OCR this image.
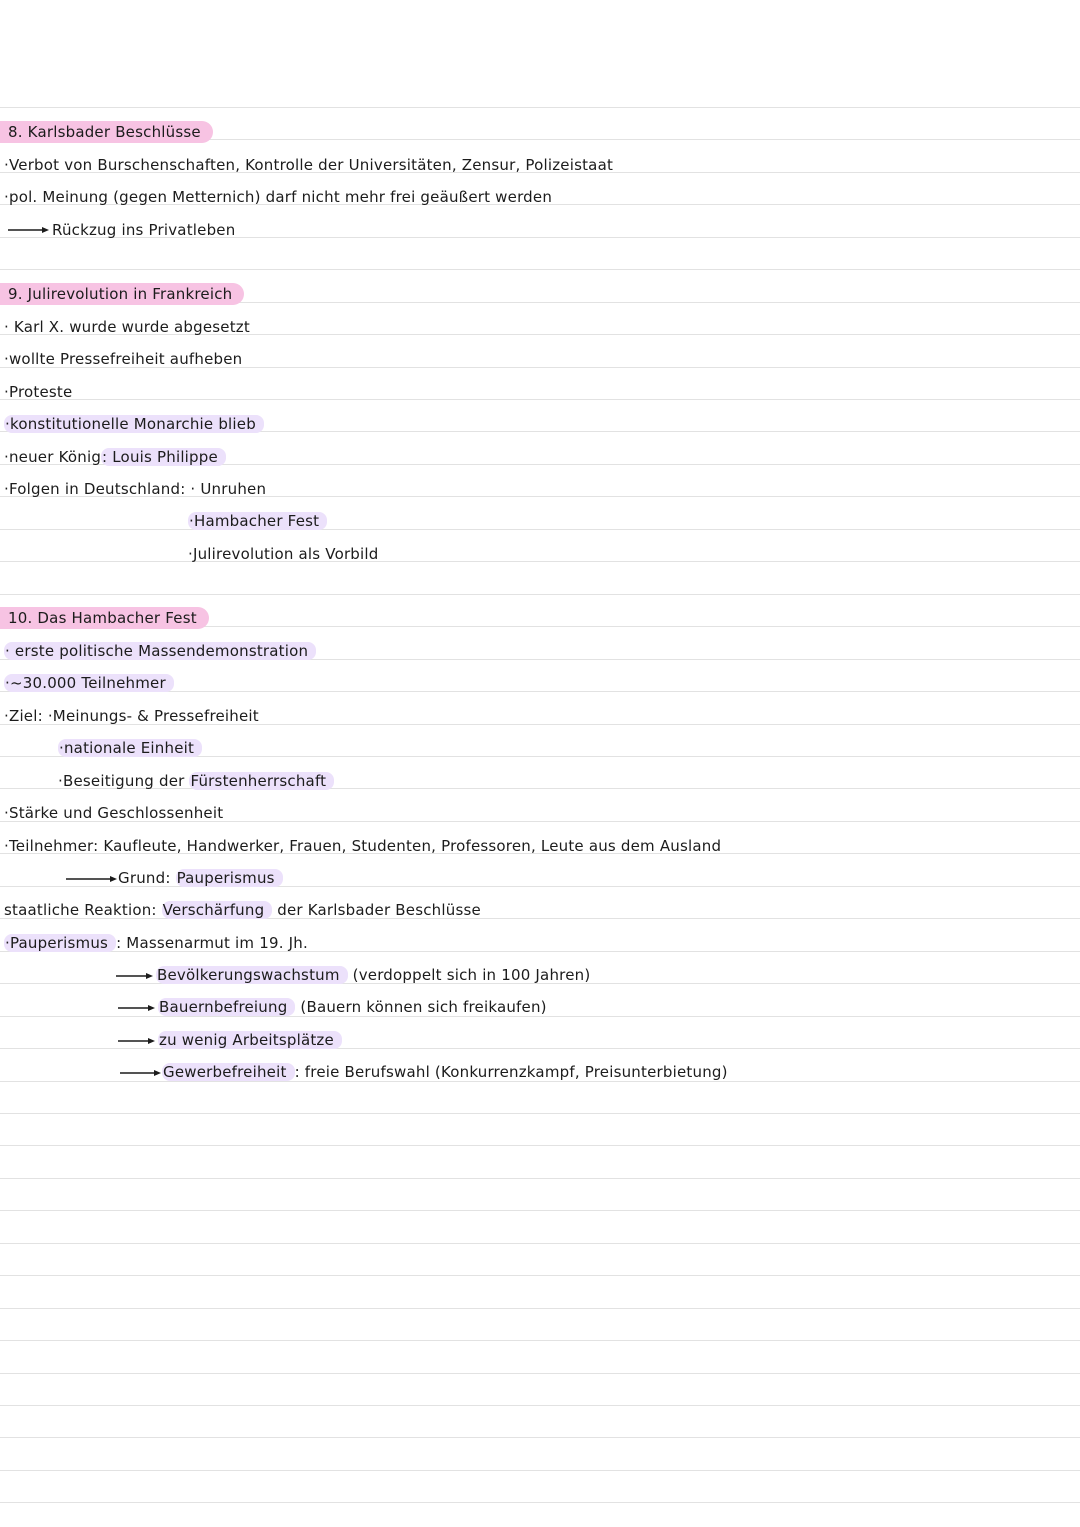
8. Karlsbader Beschlüsse
·Verbot von Burschenschaften, Kontrolle der Universitäten, Zensur, Polizeistaat
·pol. Meinung (gegen Metternich) darf nicht mehr frei geäußert werden
Rückzug ins Privatleben
9. Julirevolution in Frankreich
· Karl X. wurde wurde abgesetzt
·wollte Pressefreiheit aufheben
·Proteste
·konstitutionelle Monarchie blieb
·neuer König: Louis Philippe
·Folgen in Deutschland: · Unruhen
·Hambacher Fest
·Julirevolution als Vorbild
10. Das Hambacher Fest
· erste politische Massendemonstration
·~30.000 Teilnehmer
·Ziel: ·Meinungs- & Pressefreiheit
·nationale Einheit
·Beseitigung der Fürstenherrschaft
·Stärke und Geschlossenheit
·Teilnehmer: Kaufleute, Handwerker, Frauen, Studenten, Professoren, Leute aus dem Ausland
Grund: Pauperismus
staatliche Reaktion: Verschärfung der Karlsbader Beschlüsse
·Pauperismus : Massenarmut im 19. Jh.
Bevölkerungswachstum (verdoppelt sich in 100 Jahren)
Bauernbefreiung (Bauern können sich freikaufen)
zu wenig Arbeitsplätze
Gewerbefreiheit : freie Berufswahl (Konkurrenzkampf, Preisunterbietung)
